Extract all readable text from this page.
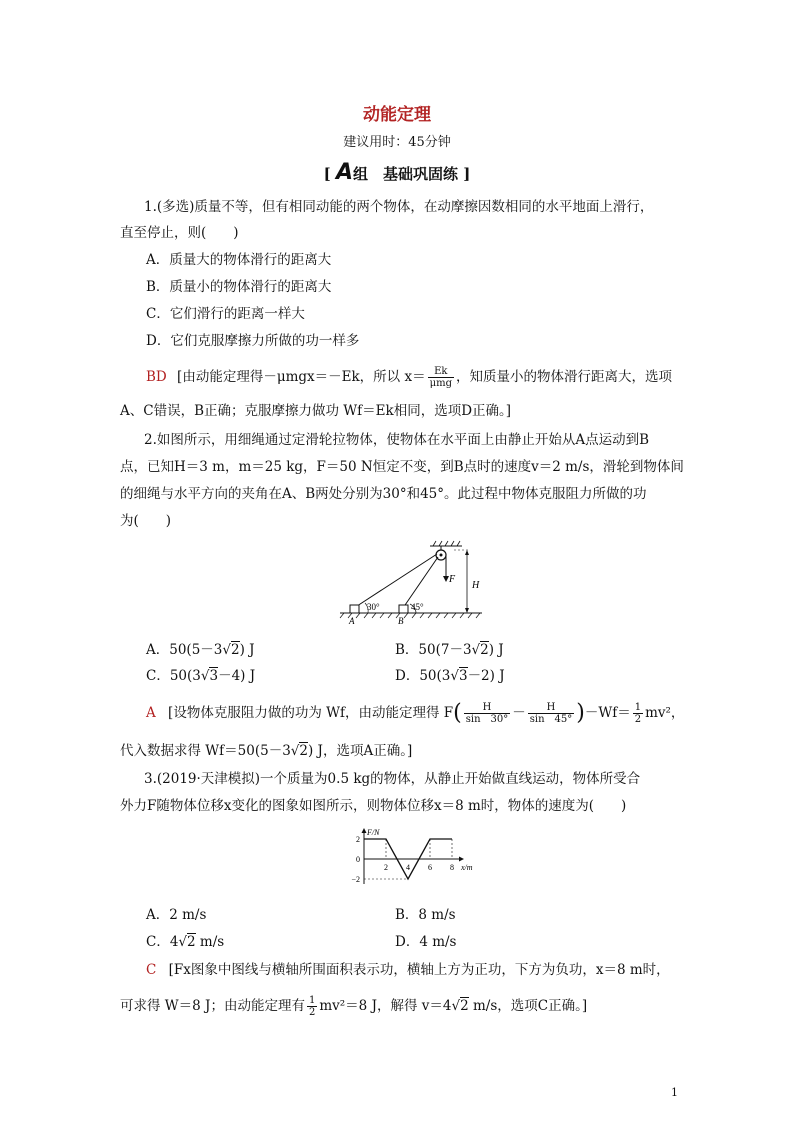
动能定理
建议用时：45分钟
[ A组　基础巩固练 ]
1.(多选)质量不等，但有相同动能的两个物体，在动摩擦因数相同的水平地面上滑行，
直至停止，则(　　)
A．质量大的物体滑行的距离大
B．质量小的物体滑行的距离大
C．它们滑行的距离一样大
D．它们克服摩擦力所做的功一样多
BD [由动能定理得－μmgx＝－Ek，所以 $x= \frac{Ek}{\text{μmg}}$ ，知质量小的物体滑行距离大，选项
A、C错误，B正确；克服摩擦力做功 Wf＝Ek相同，选项D正确。]
2.如图所示，用细绳通过定滑轮拉物体，使物体在水平面上由静止开始从A点运动到B
点，已知H＝3 m，m＝25 kg，F＝50 N恒定不变，到B点时的速度v＝2 m/s，滑轮到物体间
的细绳与水平方向的夹角在A、B两处分别为30°和45°。此过程中物体克服阻力所做的功
为(　　)
F
H
30°	45°
A	B
A．50(5－3√2) J	B．50(7－3√2) J
C．50(3√3－4) J	D．50(3√3－2) J
A [设物体克服阻力做的功为 Wf，由动能定理得 $F( \frac{H}{\sin 30^\circ} - \frac{H}{\sin 45^\circ} )-Wf= \frac{1}{2} mv^2$，
代入数据求得 Wf＝50(5－3√2) J，选项A正确。]
3.(2019·天津模拟)一个质量为0.5 kg的物体，从静止开始做直线运动，物体所受合
外力F随物体位移x变化的图象如图所示，则物体位移x＝8 m时，物体的速度为(　　)
F/N
x/m
2
0
−2
2 4 6 8
A．2 m/s	B．8 m/s
C．4√2 m/s	D．4 m/s
C [Fx图象中图线与横轴所围面积表示功，横轴上方为正功，下方为负功，x＝8 m时，
可求得 W＝8 J；由动能定理有 $\frac{1}{2} mv^2=8$ J，解得 v＝4√2 m/s，选项C正确。]
1
